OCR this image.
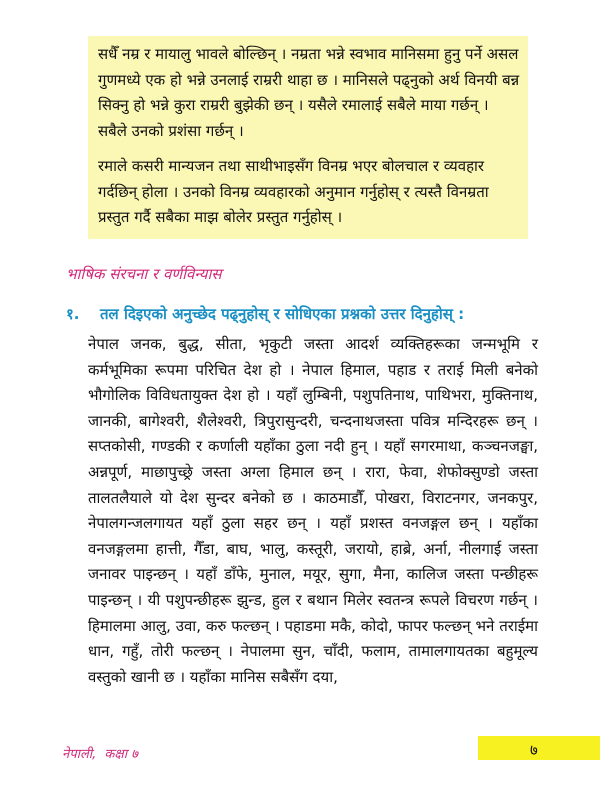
सधैँ नम्र र मायालु भावले बोल्छिन् । नम्रता भन्ने स्वभाव मानिसमा हुनु पर्ने असल गुणमध्ये एक हो भन्ने उनलाई राम्ररी थाहा छ । मानिसले पढ्नुको अर्थ विनयी बन्न सिक्नु हो भन्ने कुरा राम्ररी बुझेकी छन् । यसैले रमालाई सबैले माया गर्छन् । सबैले उनको प्रशंसा गर्छन् ।

रमाले कसरी मान्यजन तथा साथीभाइसँग विनम्र भएर बोलचाल र व्यवहार गर्दछिन् होला । उनको विनम्र व्यवहारको अनुमान गर्नुहोस् र त्यस्तै विनम्रता प्रस्तुत गर्दै सबैका माझ बोलेर प्रस्तुत गर्नुहोस् ।

भाषिक संरचना र वर्णविन्यास
१. तल दिइएको अनुच्छेद पढ्नुहोस् र सोधिएका प्रश्नको उत्तर दिनुहोस् :

नेपाल जनक, बुद्ध, सीता, भृकुटी जस्ता आदर्श व्यक्तिहरूका जन्मभूमि र कर्मभूमिका रूपमा परिचित देश हो । नेपाल हिमाल, पहाड र तराई मिली बनेको भौगोलिक विविधतायुक्त देश हो । यहाँ लुम्बिनी, पशुपतिनाथ, पाथिभरा, मुक्तिनाथ, जानकी, बागेश्वरी, शैलेश्वरी, त्रिपुरासुन्दरी, चन्दनाथजस्ता पवित्र मन्दिरहरू छन् । सप्तकोसी, गण्डकी र कर्णाली यहाँका ठुला नदी हुन् । यहाँ सगरमाथा, कञ्चनजङ्घा, अन्नपूर्ण, माछापुच्छ्रे जस्ता अग्ला हिमाल छन् । रारा, फेवा, शेफोक्सुण्डो जस्ता तालतलैयाले यो देश सुन्दर बनेको छ । काठमाडौँ, पोखरा, विराटनगर, जनकपुर, नेपालगन्जलगायत यहाँ ठुला सहर छन् । यहाँ प्रशस्त वनजङ्गल छन् । यहाँका वनजङ्गलमा हात्ती, गैँडा, बाघ, भालु, कस्तूरी, जरायो, हाब्रे, अर्ना, नीलगाई जस्ता जनावर पाइन्छन् । यहाँ डाँफे, मुनाल, मयूर, सुगा, मैना, कालिज जस्ता पन्छीहरू पाइन्छन् । यी पशुपन्छीहरू झुन्ड, हुल र बथान मिलेर स्वतन्त्र रूपले विचरण गर्छन् । हिमालमा आलु, उवा, करु फल्छन् । पहाडमा मकै, कोदो, फापर फल्छन् भने तराईमा धान, गहुँ, तोरी फल्छन् । नेपालमा सुन, चाँदी, फलाम, तामालगायतका बहुमूल्य वस्तुको खानी छ । यहाँका मानिस सबैसँग दया,

नेपाली, कक्षा ७	७
